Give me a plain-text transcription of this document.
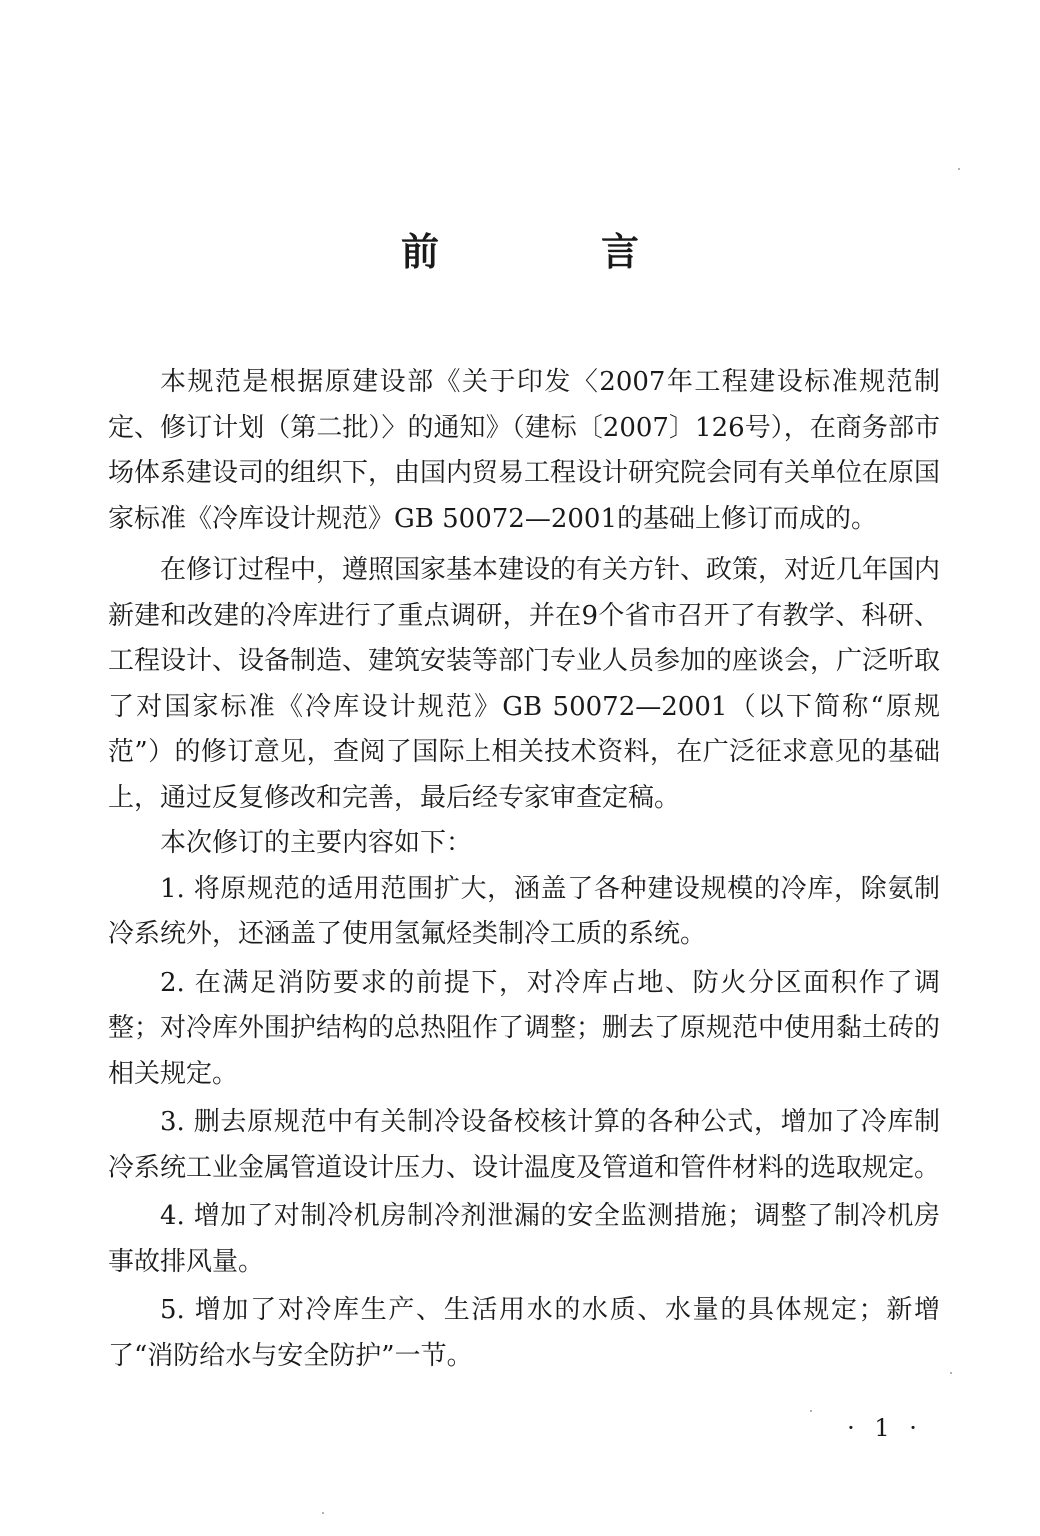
前　言

本规范是根据原建设部《关于印发〈2007年工程建设标准规范制定、修订计划（第二批）〉的通知》（建标〔2007〕126号），在商务部市场体系建设司的组织下，由国内贸易工程设计研究院会同有关单位在原国家标准《冷库设计规范》GB 50072—2001的基础上修订而成的。

在修订过程中，遵照国家基本建设的有关方针、政策，对近几年国内新建和改建的冷库进行了重点调研，并在9个省市召开了有教学、科研、工程设计、设备制造、建筑安装等部门专业人员参加的座谈会，广泛听取了对国家标准《冷库设计规范》GB 50072—2001（以下简称“原规范”）的修订意见，查阅了国际上相关技术资料，在广泛征求意见的基础上，通过反复修改和完善，最后经专家审查定稿。

本次修订的主要内容如下：

1. 将原规范的适用范围扩大，涵盖了各种建设规模的冷库，除氨制冷系统外，还涵盖了使用氢氟烃类制冷工质的系统。

2. 在满足消防要求的前提下，对冷库占地、防火分区面积作了调整；对冷库外围护结构的总热阻作了调整；删去了原规范中使用黏土砖的相关规定。

3. 删去原规范中有关制冷设备校核计算的各种公式，增加了冷库制冷系统工业金属管道设计压力、设计温度及管道和管件材料的选取规定。

4. 增加了对制冷机房制冷剂泄漏的安全监测措施；调整了制冷机房事故排风量。

5. 增加了对冷库生产、生活用水的水质、水量的具体规定；新增了“消防给水与安全防护”一节。

· 1 ·
